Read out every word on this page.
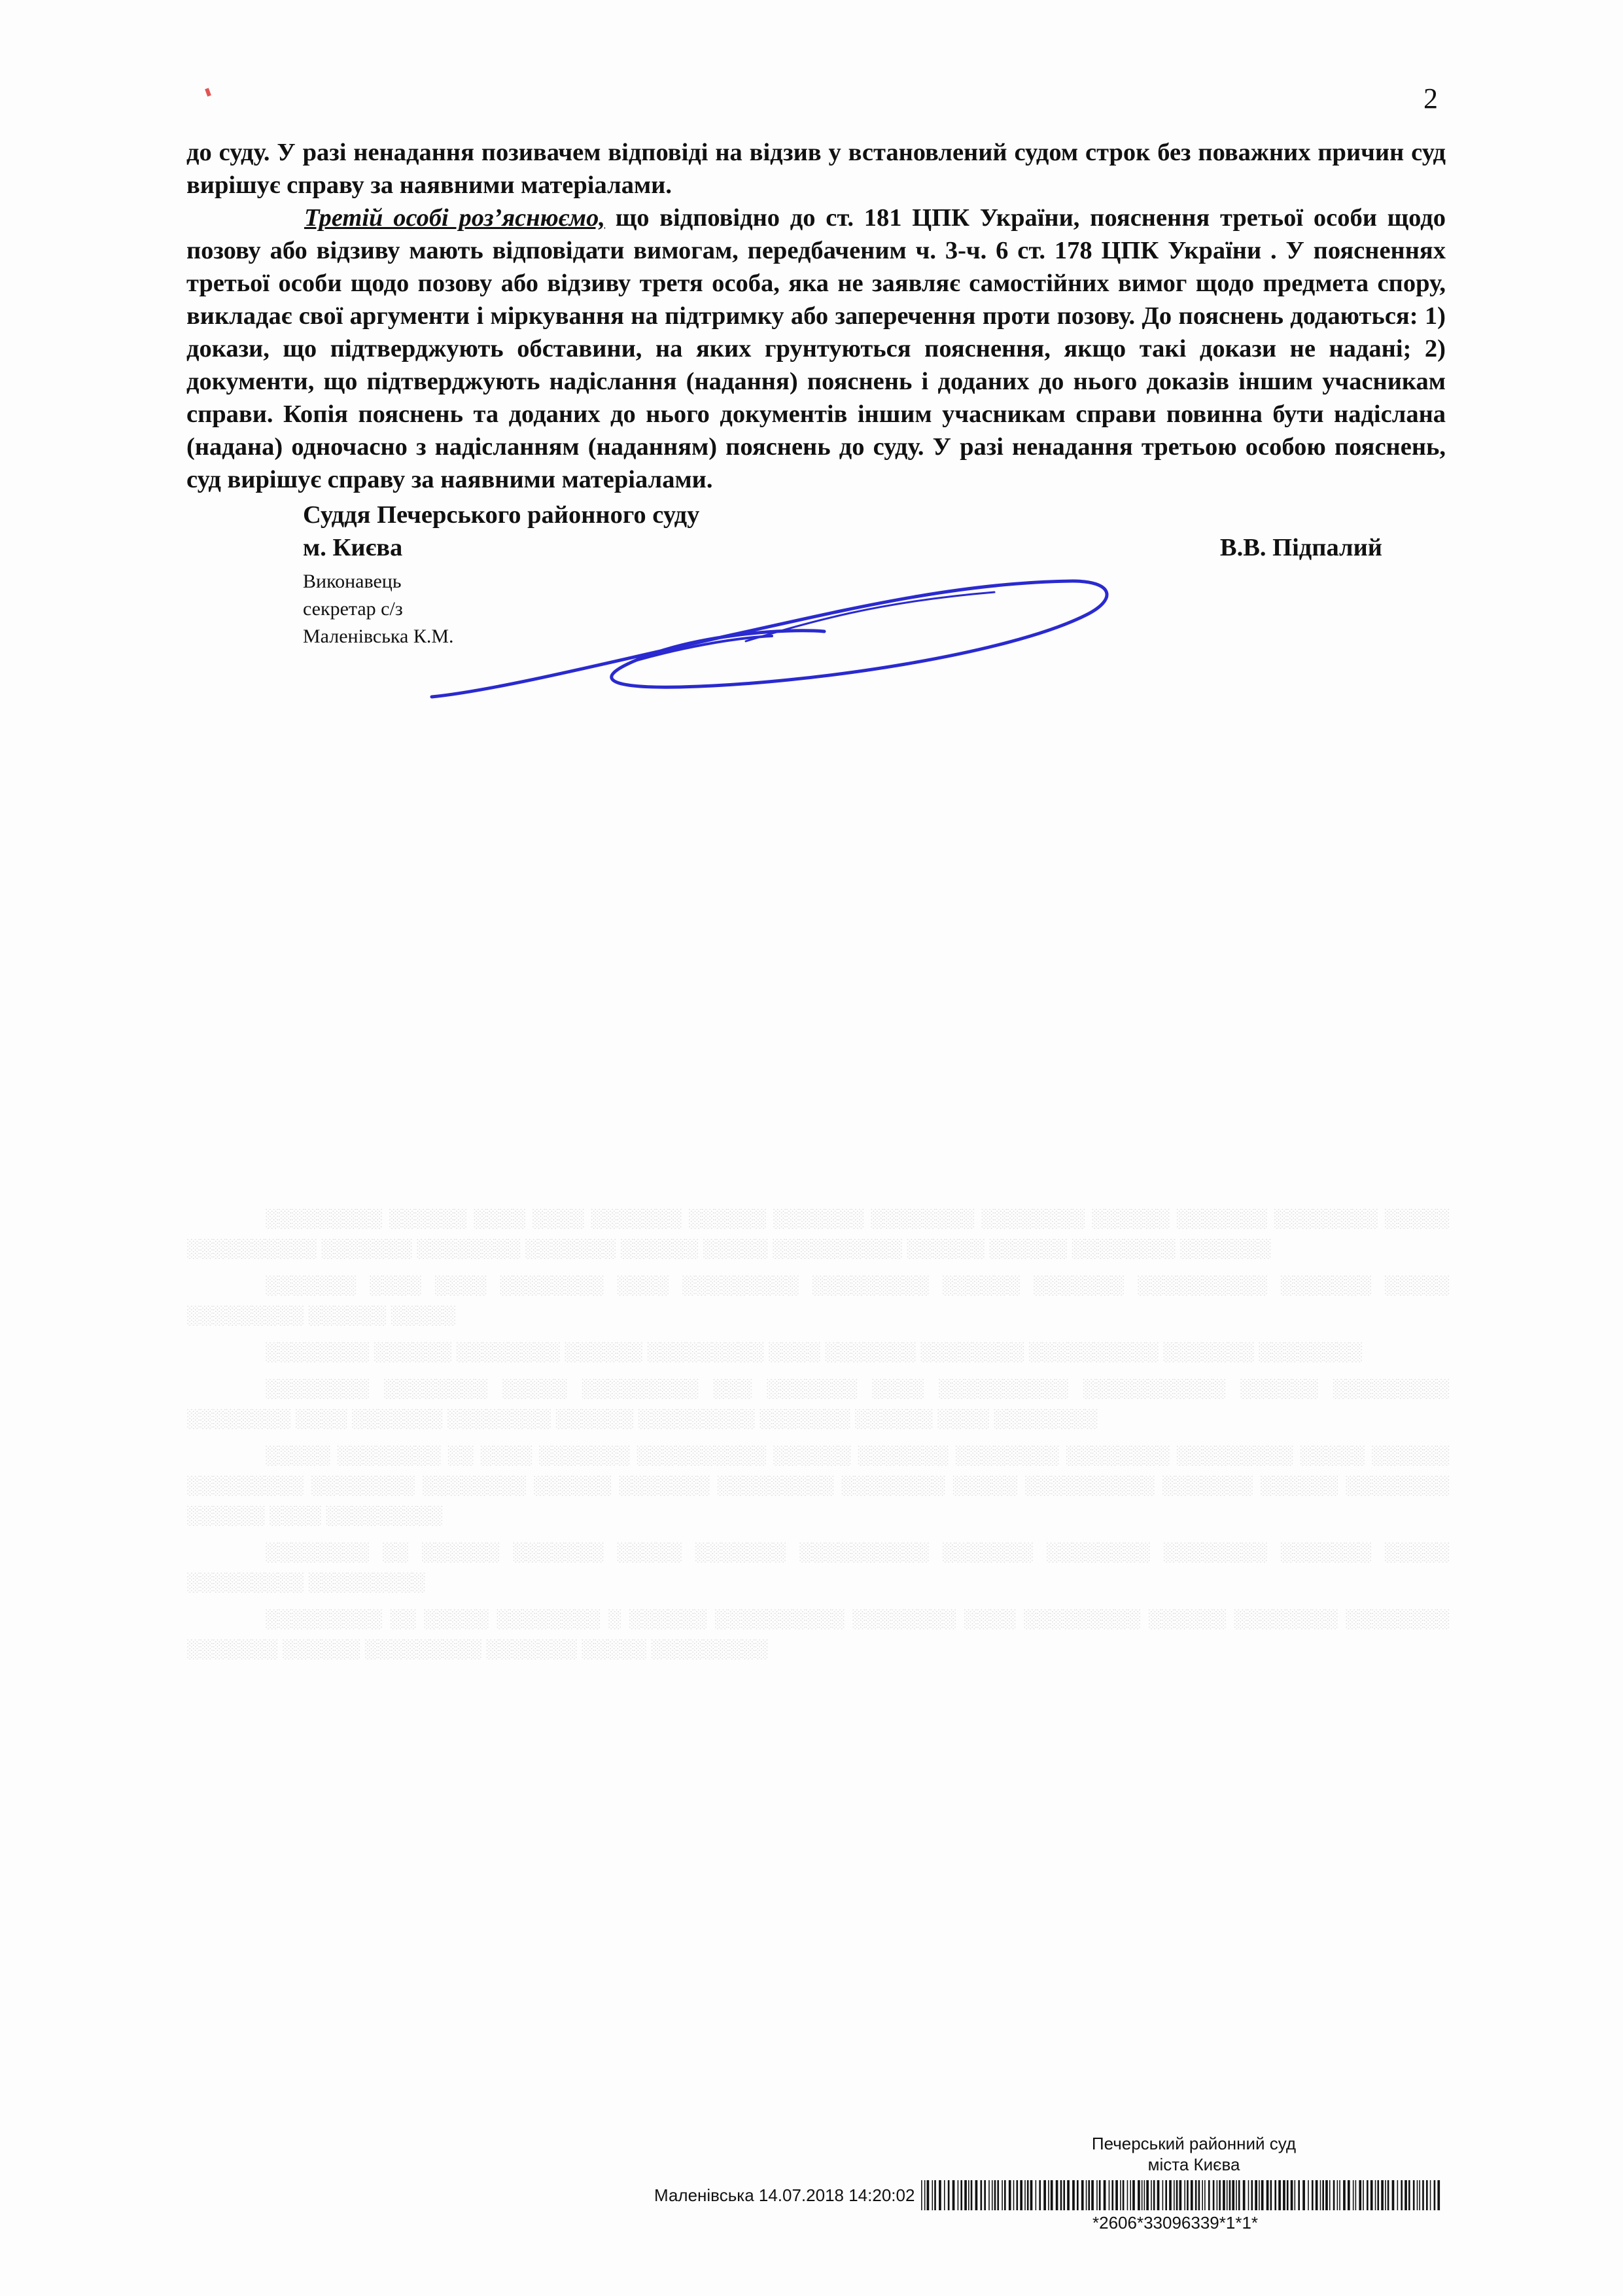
2

до суду. У разі ненадання позивачем відповіді на відзив у встановлений судом строк без поважних причин суд вирішує справу за наявними матеріалами.

Третій особі роз’яснюємо, що відповідно до ст. 181 ЦПК України, пояснення третьої особи щодо позову або відзиву мають відповідати вимогам, передбаченим ч. 3-ч. 6 ст. 178 ЦПК України . У поясненнях третьої особи щодо позову або відзиву третя особа, яка не заявляє самостійних вимог щодо предмета спору, викладає свої аргументи і міркування на підтримку або заперечення проти позову. До пояснень додаються: 1) докази, що підтверджують обставини, на яких грунтуються пояснення, якщо такі докази не надані; 2) документи, що підтверджують надіслання (надання) пояснень і доданих до нього доказів іншим учасникам справи. Копія пояснень та доданих до нього документів іншим учасникам справи повинна бути надіслана (надана) одночасно з надісланням (наданням) пояснень до суду. У разі ненадання третьою особою пояснень, суд вирішує справу за наявними матеріалами.

Суддя Печерського районного суду
м. Києва	В.В. Підпалий
Виконавець
секретар с/з
Маленівська К.М.

░░░░░░░░░ ░░░░░░ ░░░░ ░░░░ ░░░░░░░ ░░░░░░ ░░░░░░░ ░░░░░░░░ ░░░░░░░░ ░░░░░░ ░░░░░░░ ░░░░░░░░ ░░░░░ ░░░░░░░░░░ ░░░░░░░ ░░░░░░░░ ░░░░░░░ ░░░░░░ ░░░░░ ░░░░░░░░░░ ░░░░░░ ░░░░░░ ░░░░░░░░ ░░░░░░░

░░░░░░░ ░░░░ ░░░░ ░░░░░░░░ ░░░░ ░░░░░░░░░ ░░░░░░░░░ ░░░░░░ ░░░░░░░ ░░░░░░░░░░ ░░░░░░░ ░░░░░ ░░░░░░░░░ ░░░░░░ ░░░░░

░░░░░░░░ ░░░░░░ ░░░░░░░░ ░░░░░░ ░░░░░░░░░ ░░░░ ░░░░░░░ ░░░░░░░░ ░░░░░░░░░░ ░░░░░░░ ░░░░░░░░

░░░░░░░░ ░░░░░░░░ ░░░░░ ░░░░░░░░░ ░░░ ░░░░░░░ ░░░░ ░░░░░░░░░░ ░░░░░░░░░░░ ░░░░░░ ░░░░░░░░░ ░░░░░░░░ ░░░░ ░░░░░░░ ░░░░░░░░ ░░░░░░ ░░░░░░░░░ ░░░░░░░ ░░░░░░ ░░░░ ░░░░░░░░

░░░░░ ░░░░░░░░ ░░ ░░░░ ░░░░░░░ ░░░░░░░░░░ ░░░░░░ ░░░░░░░ ░░░░░░░░ ░░░░░░░░ ░░░░░░░░░ ░░░░░ ░░░░░░ ░░░░░░░░░ ░░░░░░░░ ░░░░░░░░ ░░░░░░ ░░░░░░░ ░░░░░░░░░ ░░░░░░░░ ░░░░░ ░░░░░░░░░░ ░░░░░░░ ░░░░░░ ░░░░░░░░ ░░░░░░ ░░░░ ░░░░░░░░░

░░░░░░░░ ░░ ░░░░░░ ░░░░░░░ ░░░░░ ░░░░░░░ ░░░░░░░░░░ ░░░░░░░ ░░░░░░░░ ░░░░░░░░ ░░░░░░░ ░░░░░ ░░░░░░░░░ ░░░░░░░░░

░░░░░░░░░ ░░ ░░░░░ ░░░░░░░░ ░ ░░░░░░ ░░░░░░░░░░ ░░░░░░░░ ░░░░ ░░░░░░░░░ ░░░░░░ ░░░░░░░░ ░░░░░░░░ ░░░░░░░ ░░░░░░ ░░░░░░░░░ ░░░░░░░ ░░░░░ ░░░░░░░░░

Печерський районний суд
міста Києва
Маленівська 14.07.2018 14:20:02
*2606*33096339*1*1*
